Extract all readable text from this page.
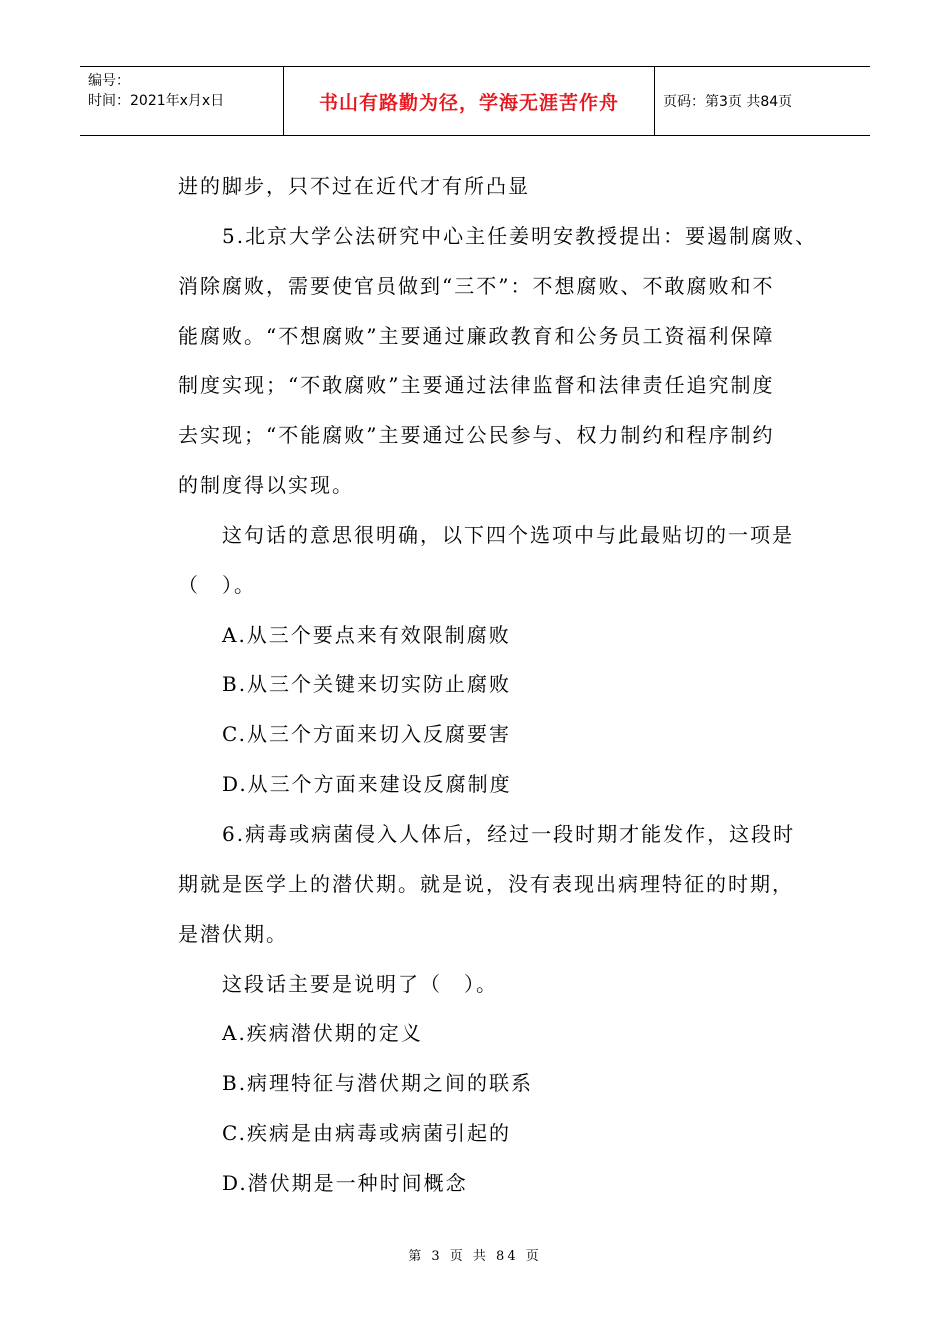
编号：
时间：2021年x月x日	书山有路勤为径，学海无涯苦作舟	页码：第3页 共84页
进的脚步，只不过在近代才有所凸显
5.北京大学公法研究中心主任姜明安教授提出：要遏制腐败、
消除腐败，需要使官员做到“三不”：不想腐败、不敢腐败和不
能腐败。“不想腐败”主要通过廉政教育和公务员工资福利保障
制度实现；“不敢腐败”主要通过法律监督和法律责任追究制度
去实现；“不能腐败”主要通过公民参与、权力制约和程序制约
的制度得以实现。
这句话的意思很明确，以下四个选项中与此最贴切的一项是
（　）。
A.从三个要点来有效限制腐败
B.从三个关键来切实防止腐败
C.从三个方面来切入反腐要害
D.从三个方面来建设反腐制度
6.病毒或病菌侵入人体后，经过一段时期才能发作，这段时
期就是医学上的潜伏期。就是说，没有表现出病理特征的时期，
是潜伏期。
这段话主要是说明了（　）。
A.疾病潜伏期的定义
B.病理特征与潜伏期之间的联系
C.疾病是由病毒或病菌引起的
D.潜伏期是一种时间概念
第 3 页 共 84 页
